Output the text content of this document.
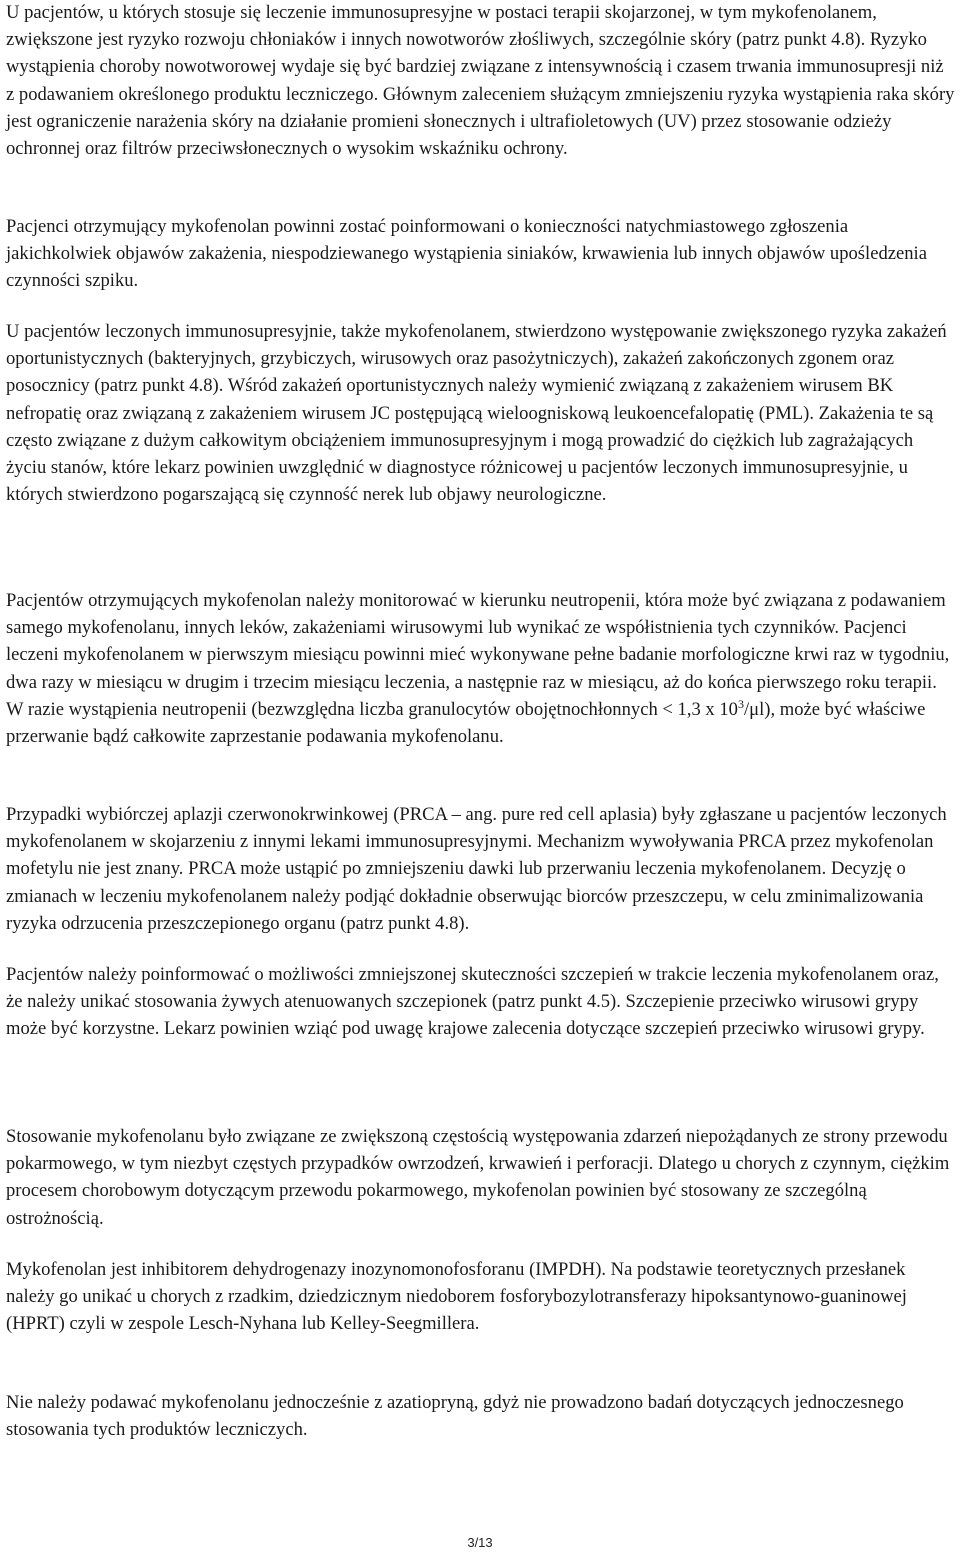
U pacjentów, u których stosuje się leczenie immunosupresyjne w postaci terapii skojarzonej, w tym mykofenolanem, zwiększone jest ryzyko rozwoju chłoniaków i innych nowotworów złośliwych, szczególnie skóry (patrz punkt 4.8). Ryzyko wystąpienia choroby nowotworowej wydaje się być bardziej związane z intensywnością i czasem trwania immunosupresji niż z podawaniem określonego produktu leczniczego. Głównym zaleceniem służącym zmniejszeniu ryzyka wystąpienia raka skóry jest ograniczenie narażenia skóry na działanie promieni słonecznych i ultrafioletowych (UV) przez stosowanie odzieży ochronnej oraz filtrów przeciwsłonecznych o wysokim wskaźniku ochrony.

Pacjenci otrzymujący mykofenolan powinni zostać poinformowani o konieczności natychmiastowego zgłoszenia jakichkolwiek objawów zakażenia, niespodziewanego wystąpienia siniaków, krwawienia lub innych objawów upośledzenia czynności szpiku.

U pacjentów leczonych immunosupresyjnie, także mykofenolanem, stwierdzono występowanie zwiększonego ryzyka zakażeń oportunistycznych (bakteryjnych, grzybiczych, wirusowych oraz pasożytniczych), zakażeń zakończonych zgonem oraz posocznicy (patrz punkt 4.8). Wśród zakażeń oportunistycznych należy wymienić związaną z zakażeniem wirusem BK nefropatię oraz związaną z zakażeniem wirusem JC postępującą wieloogniskową leukoencefalopatię (PML). Zakażenia te są często związane z dużym całkowitym obciążeniem immunosupresyjnym i mogą prowadzić do ciężkich lub zagrażających życiu stanów, które lekarz powinien uwzględnić w diagnostyce różnicowej u pacjentów leczonych immunosupresyjnie, u których stwierdzono pogarszającą się czynność nerek lub objawy neurologiczne.

Pacjentów otrzymujących mykofenolan należy monitorować w kierunku neutropenii, która może być związana z podawaniem samego mykofenolanu, innych leków, zakażeniami wirusowymi lub wynikać ze współistnienia tych czynników. Pacjenci leczeni mykofenolanem w pierwszym miesiącu powinni mieć wykonywane pełne badanie morfologiczne krwi raz w tygodniu, dwa razy w miesiącu w drugim i trzecim miesiącu leczenia, a następnie raz w miesiącu, aż do końca pierwszego roku terapii. W razie wystąpienia neutropenii (bezwzględna liczba granulocytów obojętnochłonnych < 1,3 x $10^3/\mu l$), może być właściwe przerwanie bądź całkowite zaprzestanie podawania mykofenolanu.

Przypadki wybiórczej aplazji czerwonokrwinkowej (PRCA – ang. pure red cell aplasia) były zgłaszane u pacjentów leczonych mykofenolanem w skojarzeniu z innymi lekami immunosupresyjnymi. Mechanizm wywoływania PRCA przez mykofenolan mofetylu nie jest znany. PRCA może ustąpić po zmniejszeniu dawki lub przerwaniu leczenia mykofenolanem. Decyzję o zmianach w leczeniu mykofenolanem należy podjąć dokładnie obserwując biorców przeszczepu, w celu zminimalizowania ryzyka odrzucenia przeszczepionego organu (patrz punkt 4.8).

Pacjentów należy poinformować o możliwości zmniejszonej skuteczności szczepień w trakcie leczenia mykofenolanem oraz, że należy unikać stosowania żywych atenuowanych szczepionek (patrz punkt 4.5). Szczepienie przeciwko wirusowi grypy może być korzystne. Lekarz powinien wziąć pod uwagę krajowe zalecenia dotyczące szczepień przeciwko wirusowi grypy.

Stosowanie mykofenolanu było związane ze zwiększoną częstością występowania zdarzeń niepożądanych ze strony przewodu pokarmowego, w tym niezbyt częstych przypadków owrzodzeń, krwawień i perforacji. Dlatego u chorych z czynnym, ciężkim procesem chorobowym dotyczącym przewodu pokarmowego, mykofenolan powinien być stosowany ze szczególną ostrożnością.

Mykofenolan jest inhibitorem dehydrogenazy inozynomonofosforanu (IMPDH). Na podstawie teoretycznych przesłanek należy go unikać u chorych z rzadkim, dziedzicznym niedoborem fosforybozylotransferazy hipoksantynowo-guaninowej (HPRT) czyli w zespole Lesch-Nyhana lub Kelley-Seegmillera.

Nie należy podawać mykofenolanu jednocześnie z azatiopryną, gdyż nie prowadzono badań dotyczących jednoczesnego stosowania tych produktów leczniczych.

3/13
